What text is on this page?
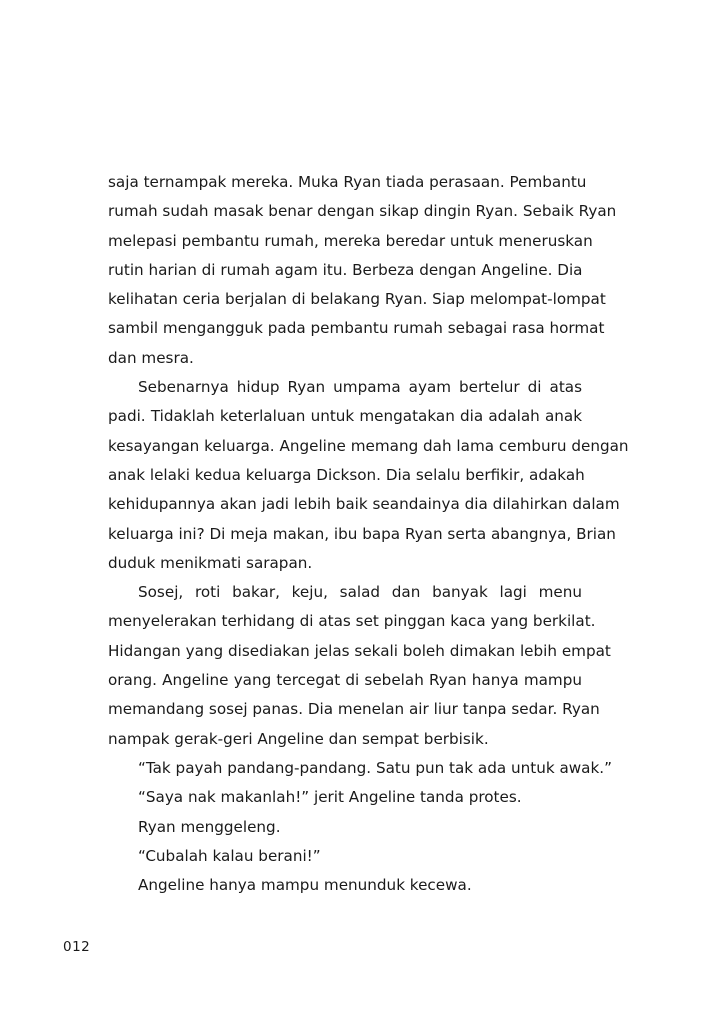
saja ternampak mereka. Muka Ryan tiada perasaan. Pembantu
rumah sudah masak benar dengan sikap dingin Ryan. Sebaik Ryan
melepasi pembantu rumah, mereka beredar untuk meneruskan
rutin harian di rumah agam itu. Berbeza dengan Angeline. Dia
kelihatan ceria berjalan di belakang Ryan. Siap melompat-lompat
sambil mengangguk pada pembantu rumah sebagai rasa hormat
dan mesra.
Sebenarnya hidup Ryan umpama ayam bertelur di atas
padi. Tidaklah keterlaluan untuk mengatakan dia adalah anak
kesayangan keluarga. Angeline memang dah lama cemburu dengan
anak lelaki kedua keluarga Dickson. Dia selalu berfikir, adakah
kehidupannya akan jadi lebih baik seandainya dia dilahirkan dalam
keluarga ini? Di meja makan, ibu bapa Ryan serta abangnya, Brian
duduk menikmati sarapan.
Sosej, roti bakar, keju, salad dan banyak lagi menu
menyelerakan terhidang di atas set pinggan kaca yang berkilat.
Hidangan yang disediakan jelas sekali boleh dimakan lebih empat
orang. Angeline yang tercegat di sebelah Ryan hanya mampu
memandang sosej panas. Dia menelan air liur tanpa sedar. Ryan
nampak gerak-geri Angeline dan sempat berbisik.
“Tak payah pandang-pandang. Satu pun tak ada untuk awak.”
“Saya nak makanlah!” jerit Angeline tanda protes.
Ryan menggeleng.
“Cubalah kalau berani!”
Angeline hanya mampu menunduk kecewa.
012
